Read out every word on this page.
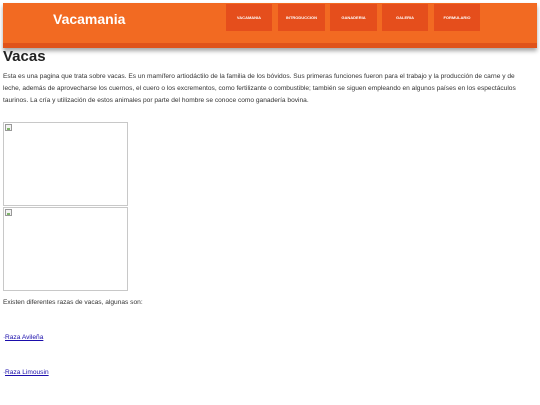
Vacamania	VACAMANIA	INTRODUCCION	GANADERIA	GALERIA	FORMULARIO
Vacas

Esta es una pagina que trata sobre vacas. Es un mamífero artiodáctilo de la familia de los bóvidos. Sus primeras funciones fueron para el trabajo y la producción de carne y de leche, además de aprovecharse los cuernos, el cuero o los excrementos, como fertilizante o combustible; también se siguen empleando en algunos países en los espectáculos taurinos. La cría y utilización de estos animales por parte del hombre se conoce como ganadería bovina.

Existen diferentes razas de vacas, algunas son:

· Raza Avileña
· Raza Limousin
